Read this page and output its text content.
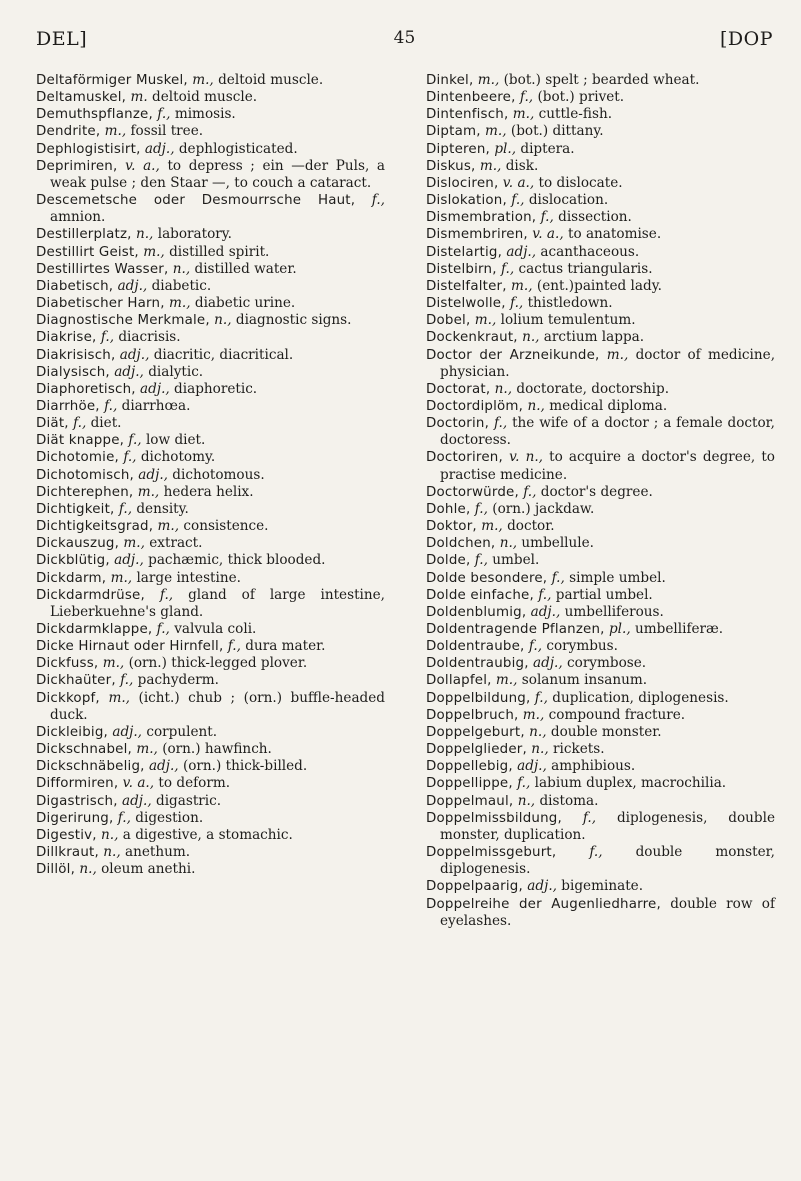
DEL]	45	[DOP

Deltaförmiger Muskel, m., deltoid muscle.

Deltamuskel, m. deltoid muscle.

Demuthspflanze, f., mimosis.

Dendrite, m., fossil tree.

Dephlogistisirt, adj., dephlogisticated.

Deprimiren, v. a., to depress ; ein —der Puls, a weak pulse ; den Staar —, to couch a cataract.

Descemetsche oder Desmourrsche Haut, f., amnion.

Destillerplatz, n., laboratory.

Destillirt Geist, m., distilled spirit.

Destillirtes Wasser, n., distilled water.

Diabetisch, adj., diabetic.

Diabetischer Harn, m., diabetic urine.

Diagnostische Merkmale, n., diagnostic signs.

Diakrise, f., diacrisis.

Diakrisisch, adj., diacritic, diacritical.

Dialysisch, adj., dialytic.

Diaphoretisch, adj., diaphoretic.

Diarrhöe, f., diarrhœa.

Diät, f., diet.

Diät knappe, f., low diet.

Dichotomie, f., dichotomy.

Dichotomisch, adj., dichotomous.

Dichterephen, m., hedera helix.

Dichtigkeit, f., density.

Dichtigkeitsgrad, m., consistence.

Dickauszug, m., extract.

Dickblütig, adj., pachæmic, thick blooded.

Dickdarm, m., large intestine.

Dickdarmdrüse, f., gland of large intestine, Lieberkuehne's gland.

Dickdarmklappe, f., valvula coli.

Dicke Hirnaut oder Hirnfell, f., dura mater.

Dickfuss, m., (orn.) thick-legged plover.

Dickhaüter, f., pachyderm.

Dickkopf, m., (icht.) chub ; (orn.) buffle-headed duck.

Dickleibig, adj., corpulent.

Dickschnabel, m., (orn.) hawfinch.

Dickschnäbelig, adj., (orn.) thick-billed.

Difformiren, v. a., to deform.

Digastrisch, adj., digastric.

Digerirung, f., digestion.

Digestiv, n., a digestive, a stomachic.

Dillkraut, n., anethum.

Dillöl, n., oleum anethi.

Dinkel, m., (bot.) spelt ; bearded wheat.

Dintenbeere, f., (bot.) privet.

Dintenfisch, m., cuttle-fish.

Diptam, m., (bot.) dittany.

Dipteren, pl., diptera.

Diskus, m., disk.

Dislociren, v. a., to dislocate.

Dislokation, f., dislocation.

Dismembration, f., dissection.

Dismembriren, v. a., to anatomise.

Distelartig, adj., acanthaceous.

Distelbirn, f., cactus triangularis.

Distelfalter, m., (ent.)painted lady.

Distelwolle, f., thistledown.

Dobel, m., lolium temulentum.

Dockenkraut, n., arctium lappa.

Doctor der Arzneikunde, m., doctor of medicine, physician.

Doctorat, n., doctorate, doctorship.

Doctordiplöm, n., medical diploma.

Doctorin, f., the wife of a doctor ; a female doctor, doctoress.

Doctoriren, v. n., to acquire a doctor's degree, to practise medicine.

Doctorwürde, f., doctor's degree.

Dohle, f., (orn.) jackdaw.

Doktor, m., doctor.

Doldchen, n., umbellule.

Dolde, f., umbel.

Dolde besondere, f., simple umbel.

Dolde einfache, f., partial umbel.

Doldenblumig, adj., umbelliferous.

Doldentragende Pflanzen, pl., umbelliferæ.

Doldentraube, f., corymbus.

Doldentraubig, adj., corymbose.

Dollapfel, m., solanum insanum.

Doppelbildung, f., duplication, diplogenesis.

Doppelbruch, m., compound fracture.

Doppelgeburt, n., double monster.

Doppelglieder, n., rickets.

Doppellebig, adj., amphibious.

Doppellippe, f., labium duplex, macrochilia.

Doppelmaul, n., distoma.

Doppelmissbildung, f., diplogenesis, double monster, duplication.

Doppelmissgeburt, f., double monster, diplogenesis.

Doppelpaarig, adj., bigeminate.

Doppelreihe der Augenliedharre, double row of eyelashes.
